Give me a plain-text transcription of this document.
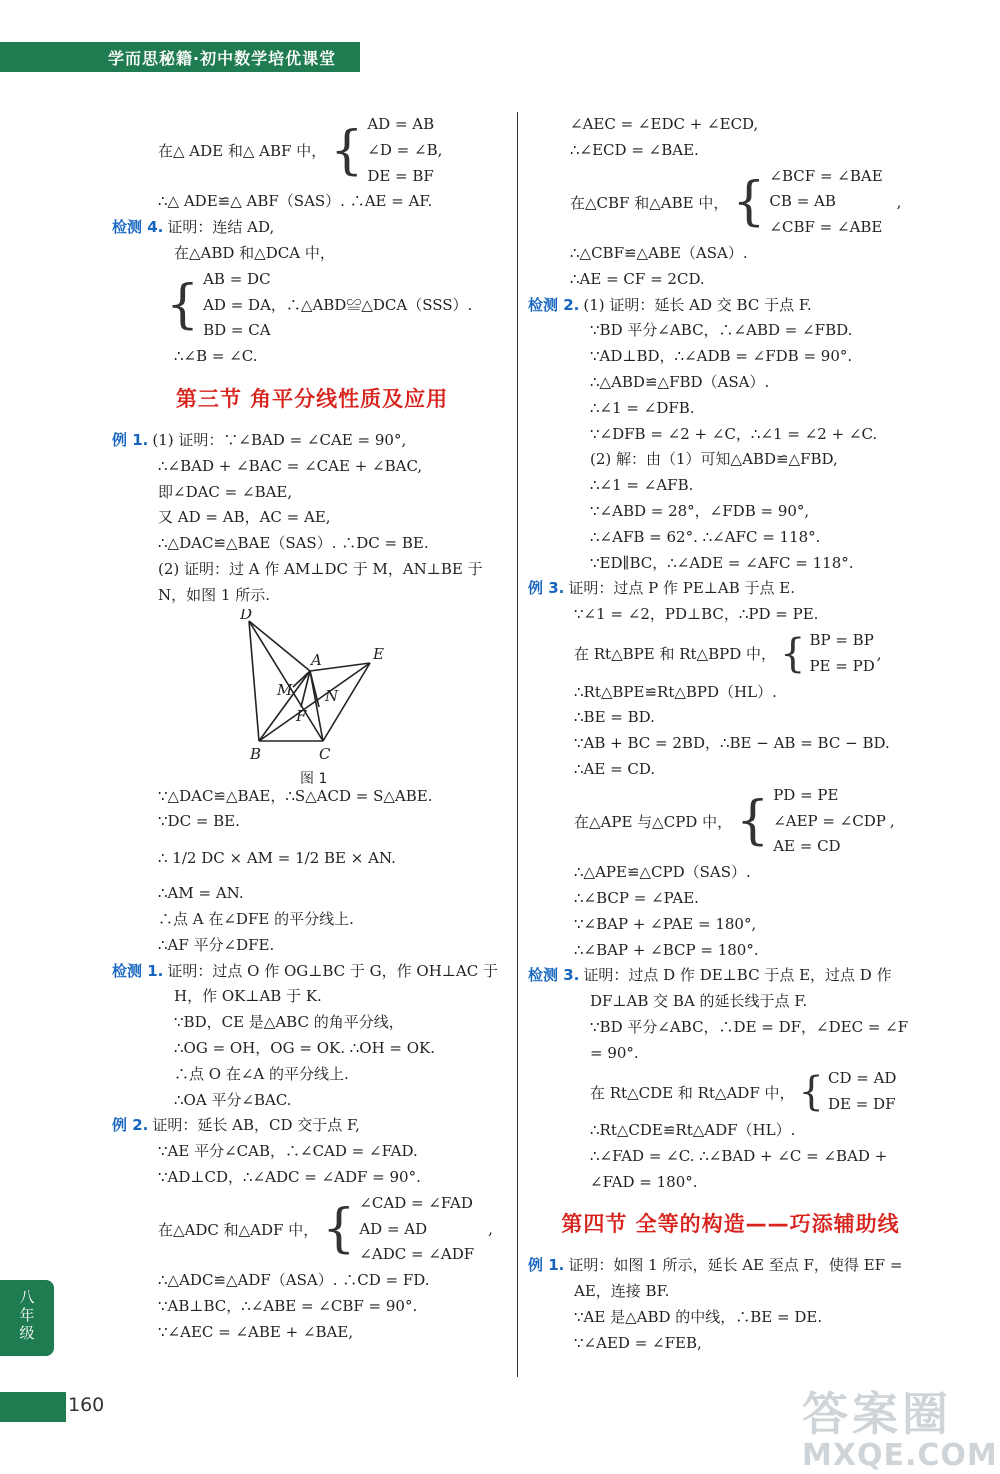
学而思秘籍·初中数学培优课堂
在△ ADE 和△ ABF 中， { AD = AB
∠D = ∠B,
DE = BF
∴△ ADE≌△ ABF（SAS）. ∴AE = AF.
检测 4. 证明：连结 AD,
在△ABD 和△DCA 中，
{ AB = DC
AD = DA，∴△ABD≌△DCA（SSS）.
BD = CA
∴∠B = ∠C.
第三节 角平分线性质及应用
例 1. (1) 证明：∵∠BAD = ∠CAE = 90°,
∴∠BAD + ∠BAC = ∠CAE + ∠BAC,
即∠DAC = ∠BAE,
又 AD = AB，AC = AE,
∴△DAC≌△BAE（SAS）. ∴DC = BE.
(2) 证明：过 A 作 AM⊥DC 于 M，AN⊥BE 于
N，如图 1 所示.
D
A	E
M N
F
B	C
图 1
∵△DAC≌△BAE，∴S△ACD = S△ABE.
∵DC = BE.
∴ 1/2 DC × AM = 1/2 BE × AN.
∴AM = AN.
∴点 A 在∠DFE 的平分线上.
∴AF 平分∠DFE.
检测 1. 证明：过点 O 作 OG⊥BC 于 G，作 OH⊥AC 于
H，作 OK⊥AB 于 K.
∵BD，CE 是△ABC 的角平分线，
∴OG = OH，OG = OK. ∴OH = OK.
∴点 O 在∠A 的平分线上.
∴OA 平分∠BAC.
例 2. 证明：延长 AB，CD 交于点 F,
∵AE 平分∠CAB，∴∠CAD = ∠FAD.
∵AD⊥CD，∴∠ADC = ∠ADF = 90°.
在△ADC 和△ADF 中， { ∠CAD = ∠FAD
AD = AD
∠ADC = ∠ADF
,
∴△ADC≌△ADF（ASA）. ∴CD = FD.
∵AB⊥BC，∴∠ABE = ∠CBF = 90°.
∵∠AEC = ∠ABE + ∠BAE,
∠AEC = ∠EDC + ∠ECD,
∴∠ECD = ∠BAE.
在△CBF 和△ABE 中， { ∠BCF = ∠BAE
CB = AB
∠CBF = ∠ABE
,
∴△CBF≌△ABE（ASA）.
∴AE = CF = 2CD.
检测 2. (1) 证明：延长 AD 交 BC 于点 F.
∵BD 平分∠ABC，∴∠ABD = ∠FBD.
∵AD⊥BD，∴∠ADB = ∠FDB = 90°.
∴△ABD≌△FBD（ASA）.
∴∠1 = ∠DFB.
∵∠DFB = ∠2 + ∠C，∴∠1 = ∠2 + ∠C.
(2) 解：由（1）可知△ABD≌△FBD,
∴∠1 = ∠AFB.
∵∠ABD = 28°，∠FDB = 90°,
∴∠AFB = 62°. ∴∠AFC = 118°.
∵ED∥BC，∴∠ADE = ∠AFC = 118°.
例 3. 证明：过点 P 作 PE⊥AB 于点 E.
∵∠1 = ∠2，PD⊥BC，∴PD = PE.
在 Rt△BPE 和 Rt△BPD 中， { BP = BP
PE = PD
,
∴Rt△BPE≌Rt△BPD（HL）.
∴BE = BD.
∵AB + BC = 2BD，∴BE − AB = BC − BD.
∴AE = CD.
在△APE 与△CPD 中， { PD = PE
∠AEP = ∠CDP
AE = CD
,
∴△APE≌△CPD（SAS）.
∴∠BCP = ∠PAE.
∵∠BAP + ∠PAE = 180°,
∴∠BAP + ∠BCP = 180°.
检测 3. 证明：过点 D 作 DE⊥BC 于点 E，过点 D 作
DF⊥AB 交 BA 的延长线于点 F.
∵BD 平分∠ABC，∴DE = DF，∠DEC = ∠F
= 90°.
在 Rt△CDE 和 Rt△ADF 中， { CD = AD
DE = DF
∴Rt△CDE≌Rt△ADF（HL）.
∴∠FAD = ∠C. ∴∠BAD + ∠C = ∠BAD +
∠FAD = 180°.
第四节 全等的构造——巧添辅助线
例 1. 证明：如图 1 所示，延长 AE 至点 F，使得 EF =
AE，连接 BF.
∵AE 是△ABD 的中线，∴BE = DE.
∵∠AED = ∠FEB,
八年级
160	答案圈
MXQE.COM
